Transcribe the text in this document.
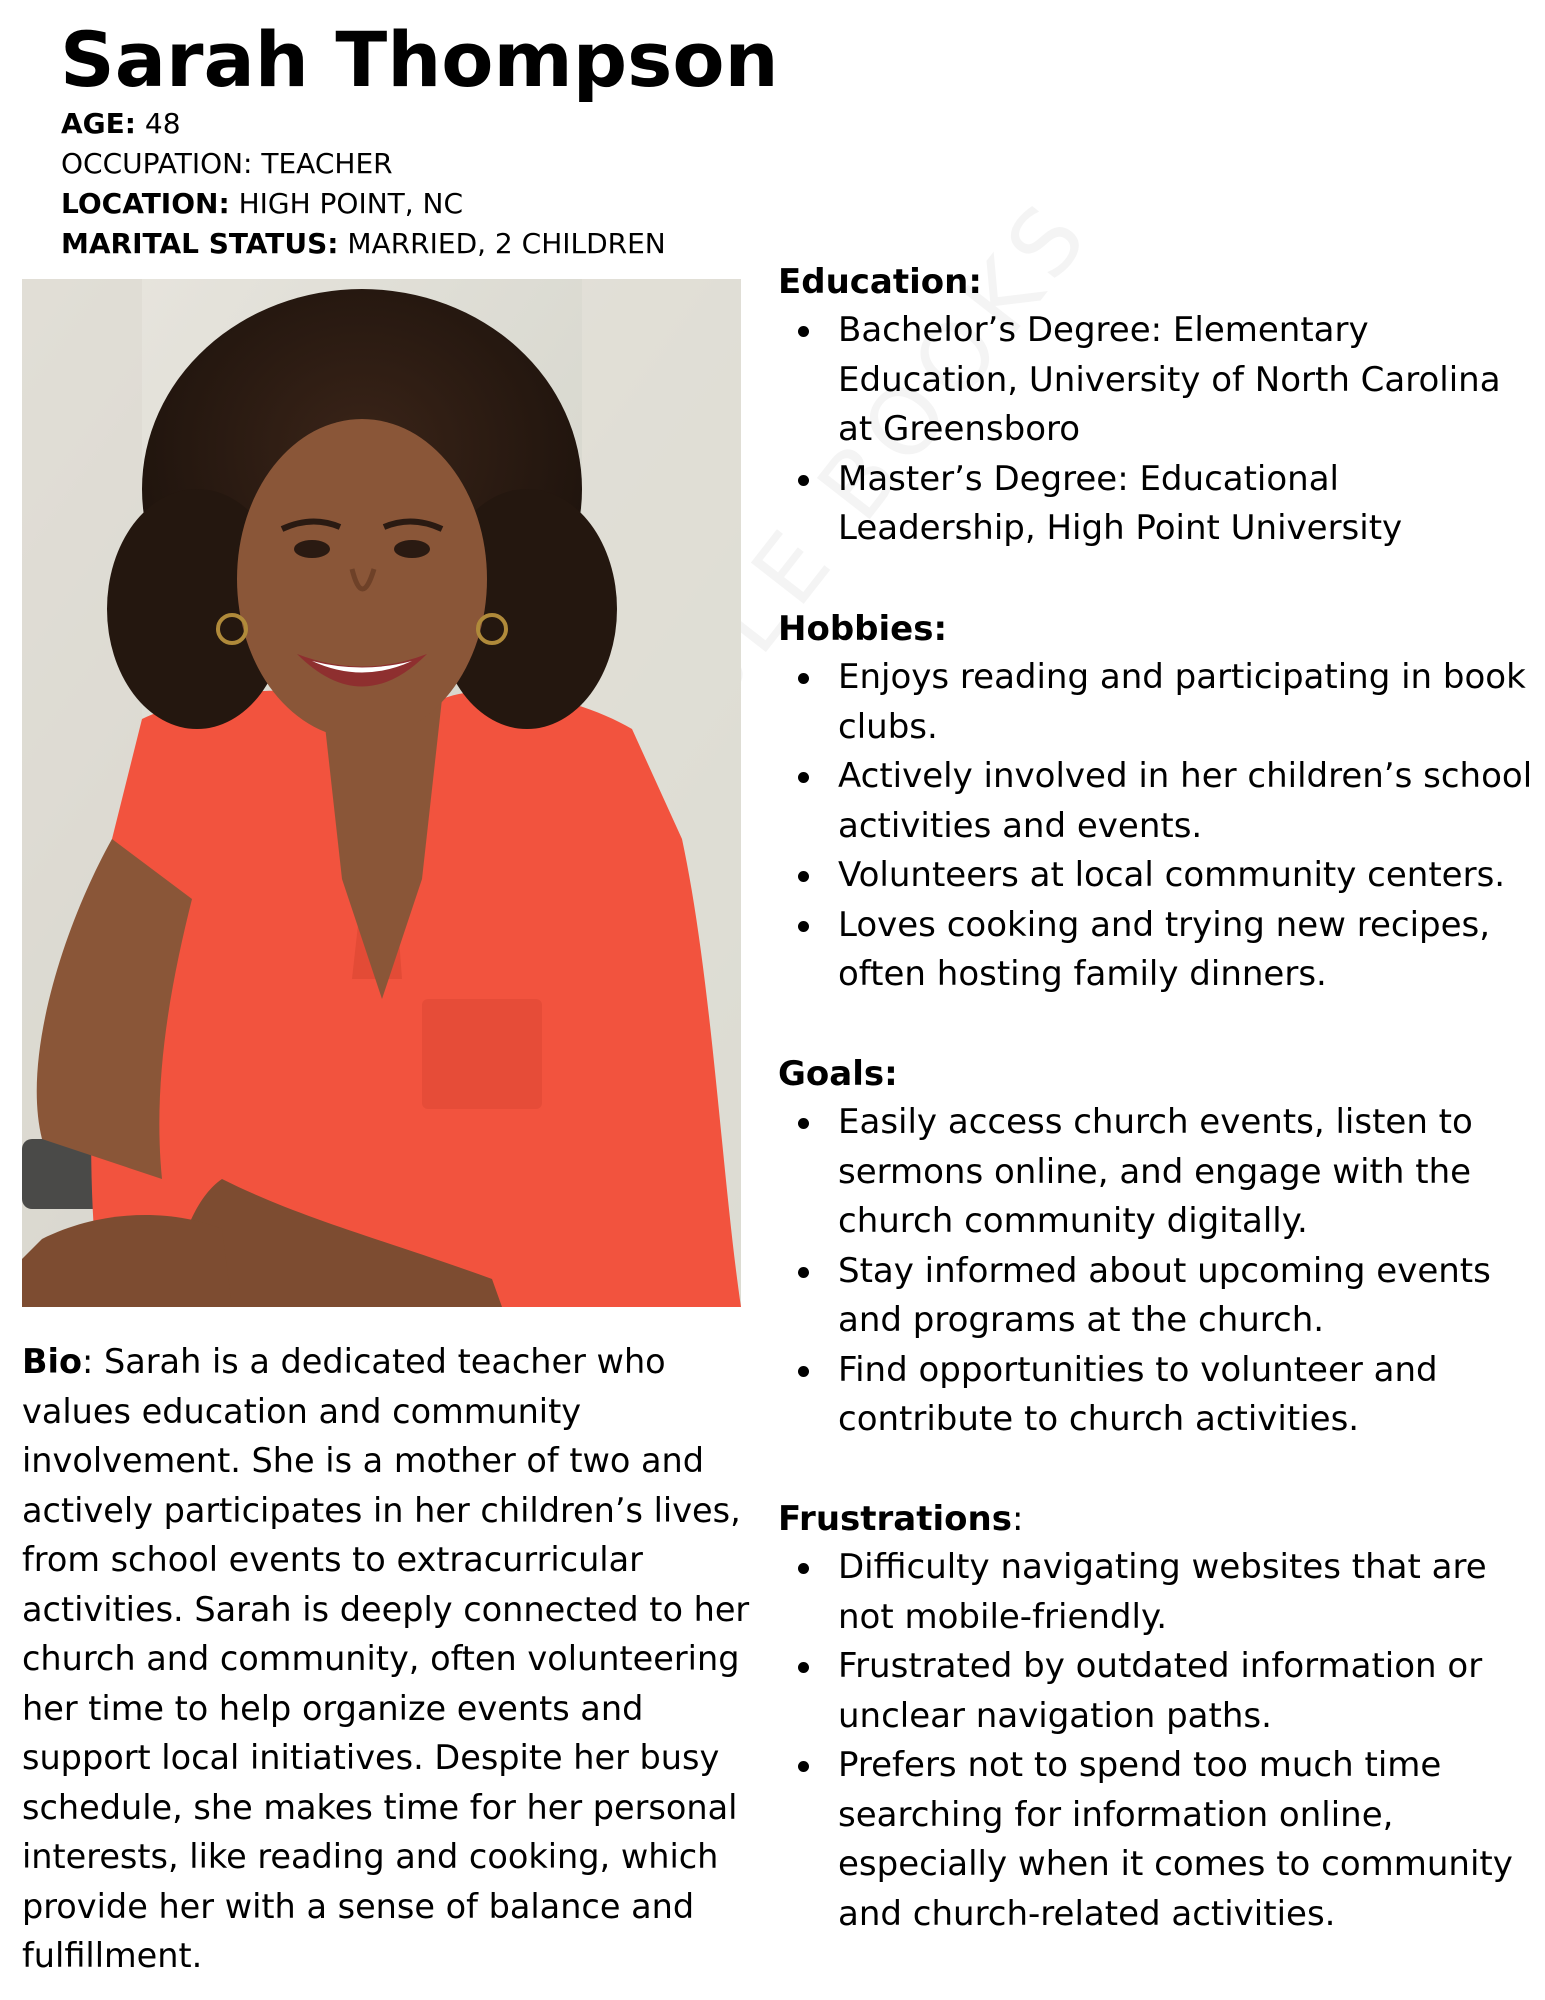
Sarah Thompson
AGE: 48
OCCUPATION: TEACHER
LOCATION: HIGH POINT, NC
MARITAL STATUS: MARRIED, 2 CHILDREN

Bio: Sarah is a dedicated teacher who values education and community involvement. She is a mother of two and actively participates in her children’s lives, from school events to extracurricular activities. Sarah is deeply connected to her church and community, often volunteering her time to help organize events and support local initiatives. Despite her busy schedule, she makes time for her personal interests, like reading and cooking, which provide her with a sense of balance and fulfillment.

Education:
Bachelor’s Degree: Elementary Education, University of North Carolina at Greensboro
Master’s Degree: Educational Leadership, High Point University
Hobbies:
Enjoys reading and participating in book clubs.
Actively involved in her children’s school activities and events.
Volunteers at local community centers.
Loves cooking and trying new recipes, often hosting family dinners.
Goals:
Easily access church events, listen to sermons online, and engage with the church community digitally.
Stay informed about upcoming events and programs at the church.
Find opportunities to volunteer and contribute to church activities.
Frustrations:
Difficulty navigating websites that are not mobile-friendly.
Frustrated by outdated information or unclear navigation paths.
Prefers not to spend too much time searching for information online, especially when it comes to community and church-related activities.
